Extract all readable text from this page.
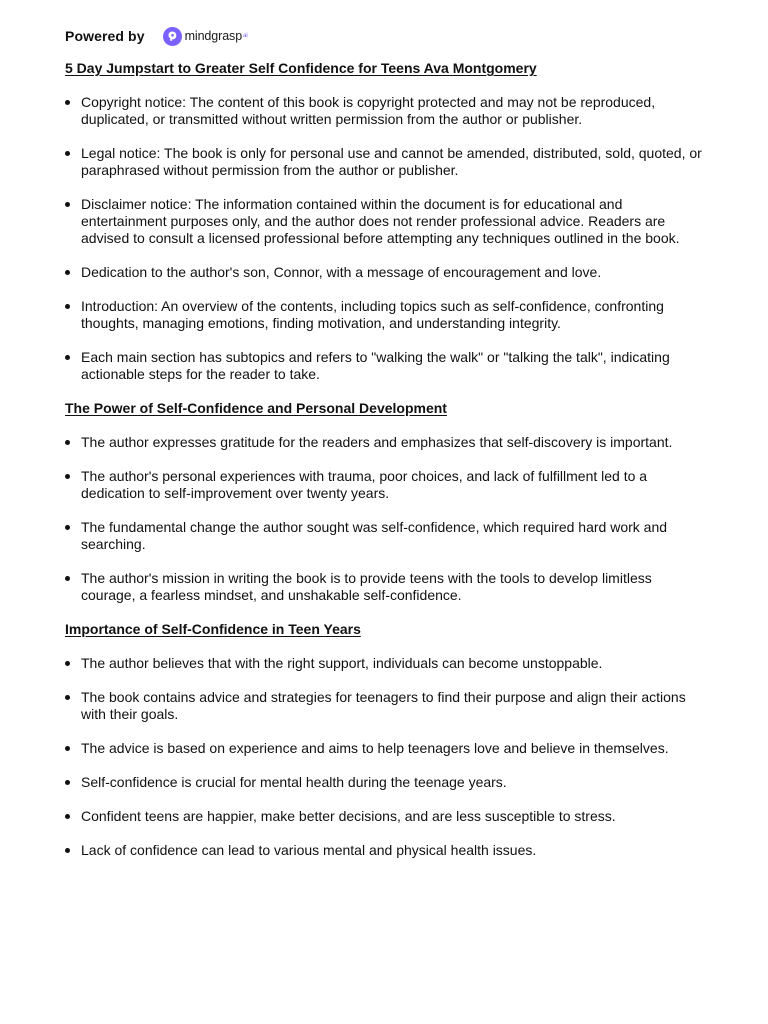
Powered by	mindgrasp ai
5 Day Jumpstart to Greater Self Confidence for Teens Ava Montgomery
Copyright notice: The content of this book is copyright protected and may not be reproduced, duplicated, or transmitted without written permission from the author or publisher.
Legal notice: The book is only for personal use and cannot be amended, distributed, sold, quoted, or paraphrased without permission from the author or publisher.
Disclaimer notice: The information contained within the document is for educational and entertainment purposes only, and the author does not render professional advice. Readers are advised to consult a licensed professional before attempting any techniques outlined in the book.
Dedication to the author's son, Connor, with a message of encouragement and love.
Introduction: An overview of the contents, including topics such as self-confidence, confronting thoughts, managing emotions, finding motivation, and understanding integrity.
Each main section has subtopics and refers to "walking the walk" or "talking the talk", indicating actionable steps for the reader to take.
The Power of Self-Confidence and Personal Development
The author expresses gratitude for the readers and emphasizes that self-discovery is important.
The author's personal experiences with trauma, poor choices, and lack of fulfillment led to a dedication to self-improvement over twenty years.
The fundamental change the author sought was self-confidence, which required hard work and searching.
The author's mission in writing the book is to provide teens with the tools to develop limitless courage, a fearless mindset, and unshakable self-confidence.
Importance of Self-Confidence in Teen Years
The author believes that with the right support, individuals can become unstoppable.
The book contains advice and strategies for teenagers to find their purpose and align their actions with their goals.
The advice is based on experience and aims to help teenagers love and believe in themselves.
Self-confidence is crucial for mental health during the teenage years.
Confident teens are happier, make better decisions, and are less susceptible to stress.
Lack of confidence can lead to various mental and physical health issues.
